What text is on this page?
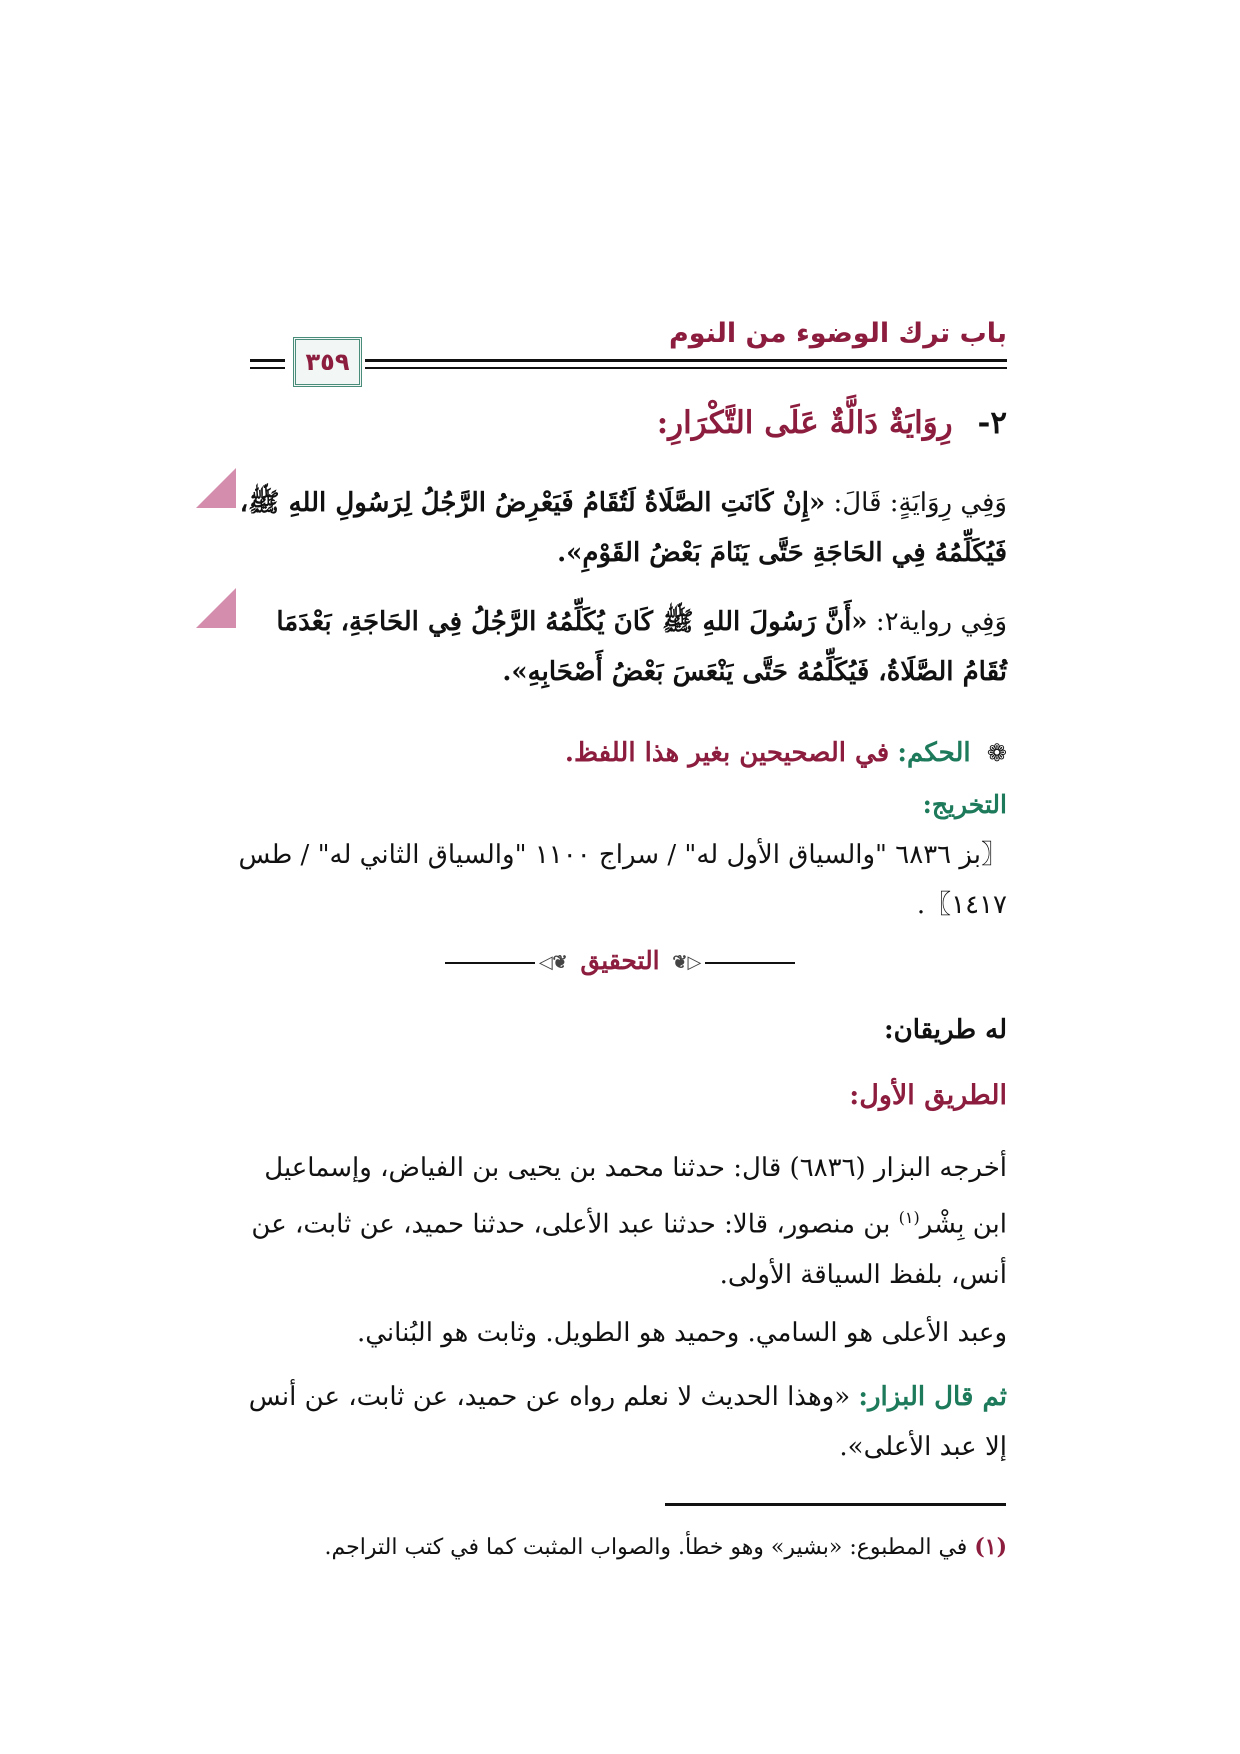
باب ترك الوضوء من النوم
٣٥٩
٢- رِوَايَةٌ دَالَّةٌ عَلَى التَّكْرَارِ:
وَفِي رِوَايَةٍ: قَالَ: «إِنْ كَانَتِ الصَّلَاةُ لَتُقَامُ فَيَعْرِضُ الرَّجُلُ لِرَسُولِ اللهِ ﷺ، فَيُكَلِّمُهُ فِي الحَاجَةِ حَتَّى يَنَامَ بَعْضُ القَوْمِ».
وَفِي رواية٢: «أَنَّ رَسُولَ اللهِ ﷺ كَانَ يُكَلِّمُهُ الرَّجُلُ فِي الحَاجَةِ، بَعْدَمَا تُقَامُ الصَّلَاةُ، فَيُكَلِّمُهُ حَتَّى يَنْعَسَ بَعْضُ أَصْحَابِهِ».
❁ الحكم: في الصحيحين بغير هذا اللفظ.
التخريج:
〖بز ٦٨٣٦ "والسياق الأول له" / سراج ١١٠٠ "والسياق الثاني له" / طس ١٤١٧〗.
◁❦ التحقيق ❦▷
له طريقان:
الطريق الأول:
أخرجه البزار (٦٨٣٦) قال: حدثنا محمد بن يحيى بن الفياض، وإسماعيل ابن بِشْر$^{(١)}$ بن منصور، قالا: حدثنا عبد الأعلى، حدثنا حميد، عن ثابت، عن أنس، بلفظ السياقة الأولى.
وعبد الأعلى هو السامي. وحميد هو الطويل. وثابت هو البُناني.
ثم قال البزار: «وهذا الحديث لا نعلم رواه عن حميد، عن ثابت، عن أنس إلا عبد الأعلى».
(١) في المطبوع: «بشير» وهو خطأ. والصواب المثبت كما في كتب التراجم.
